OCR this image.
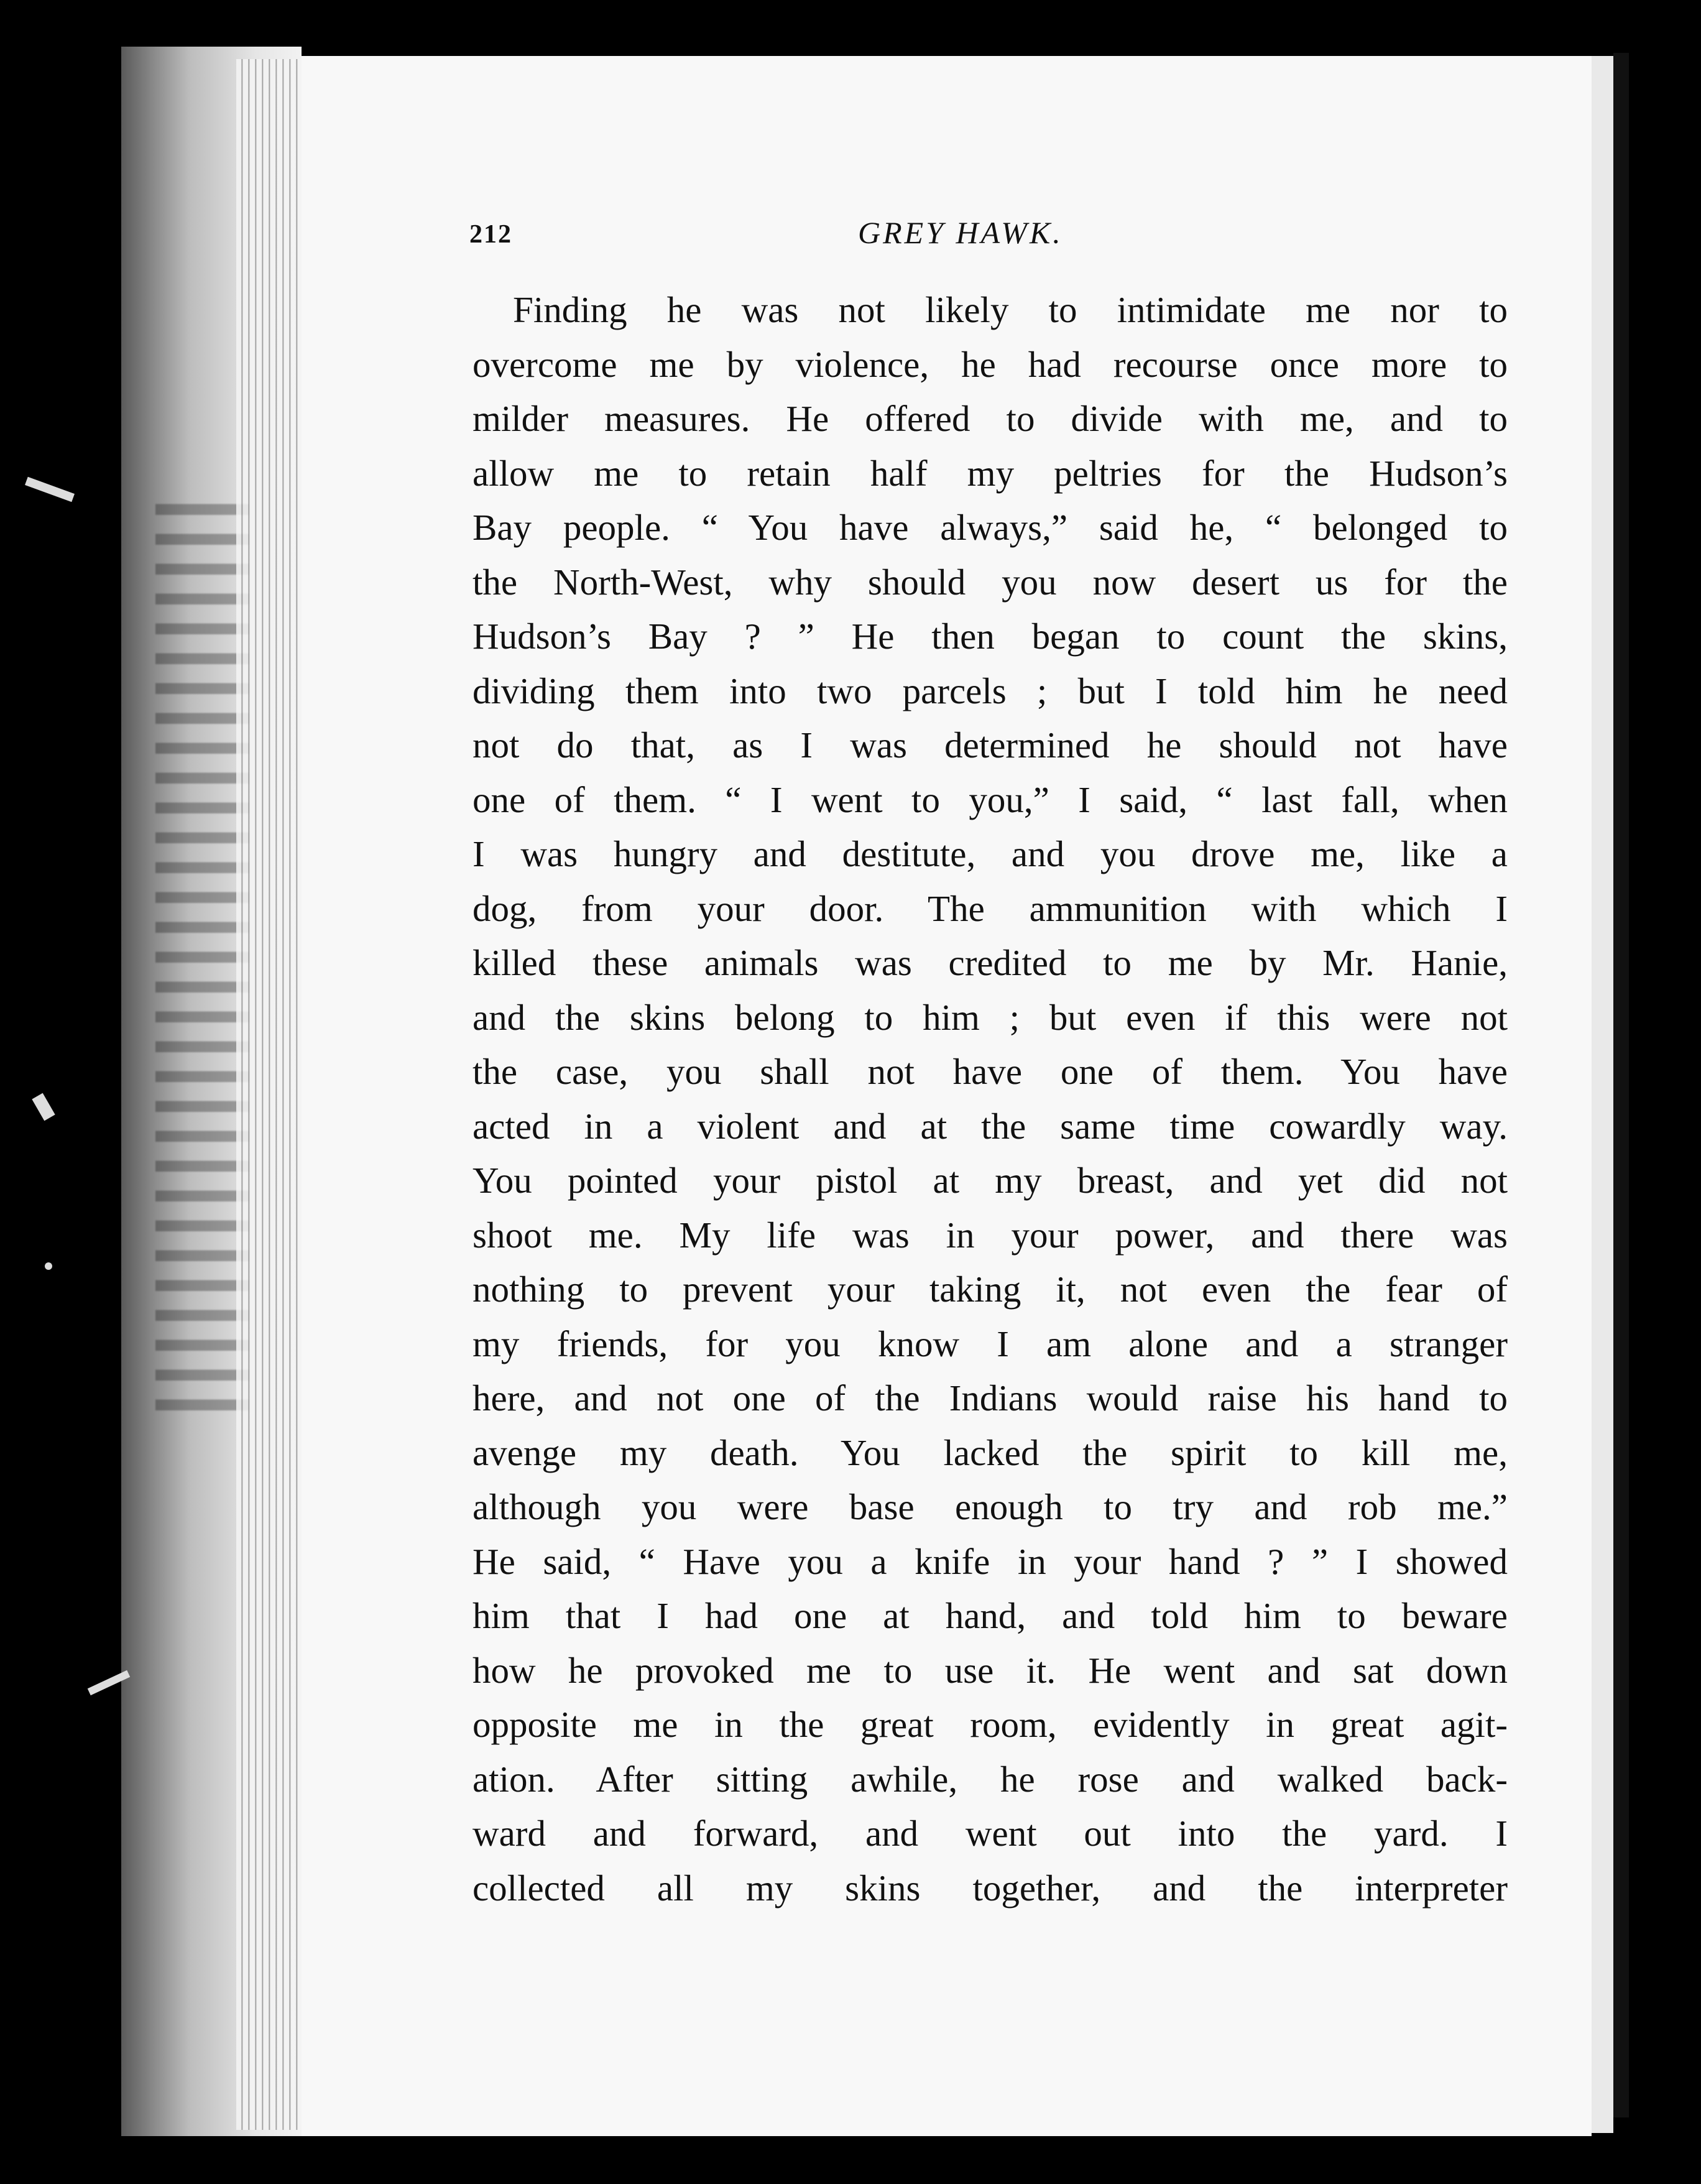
212	GREY HAWK.
Finding he was not likely to intimidate me nor to
overcome me by violence, he had recourse once more to
milder measures. He offered to divide with me, and to
allow me to retain half my peltries for the Hudson’s
Bay people. “ You have always,” said he, “ belonged to
the North-West, why should you now desert us for the
Hudson’s Bay ? ” He then began to count the skins,
dividing them into two parcels ; but I told him he need
not do that, as I was determined he should not have
one of them. “ I went to you,” I said, “ last fall, when
I was hungry and destitute, and you drove me, like a
dog, from your door. The ammunition with which I
killed these animals was credited to me by Mr. Hanie,
and the skins belong to him ; but even if this were not
the case, you shall not have one of them. You have
acted in a violent and at the same time cowardly way.
You pointed your pistol at my breast, and yet did not
shoot me. My life was in your power, and there was
nothing to prevent your taking it, not even the fear of
my friends, for you know I am alone and a stranger
here, and not one of the Indians would raise his hand to
avenge my death. You lacked the spirit to kill me,
although you were base enough to try and rob me.”
He said, “ Have you a knife in your hand ? ” I showed
him that I had one at hand, and told him to beware
how he provoked me to use it. He went and sat down
opposite me in the great room, evidently in great agit-
ation. After sitting awhile, he rose and walked back-
ward and forward, and went out into the yard. I
collected all my skins together, and the interpreter
